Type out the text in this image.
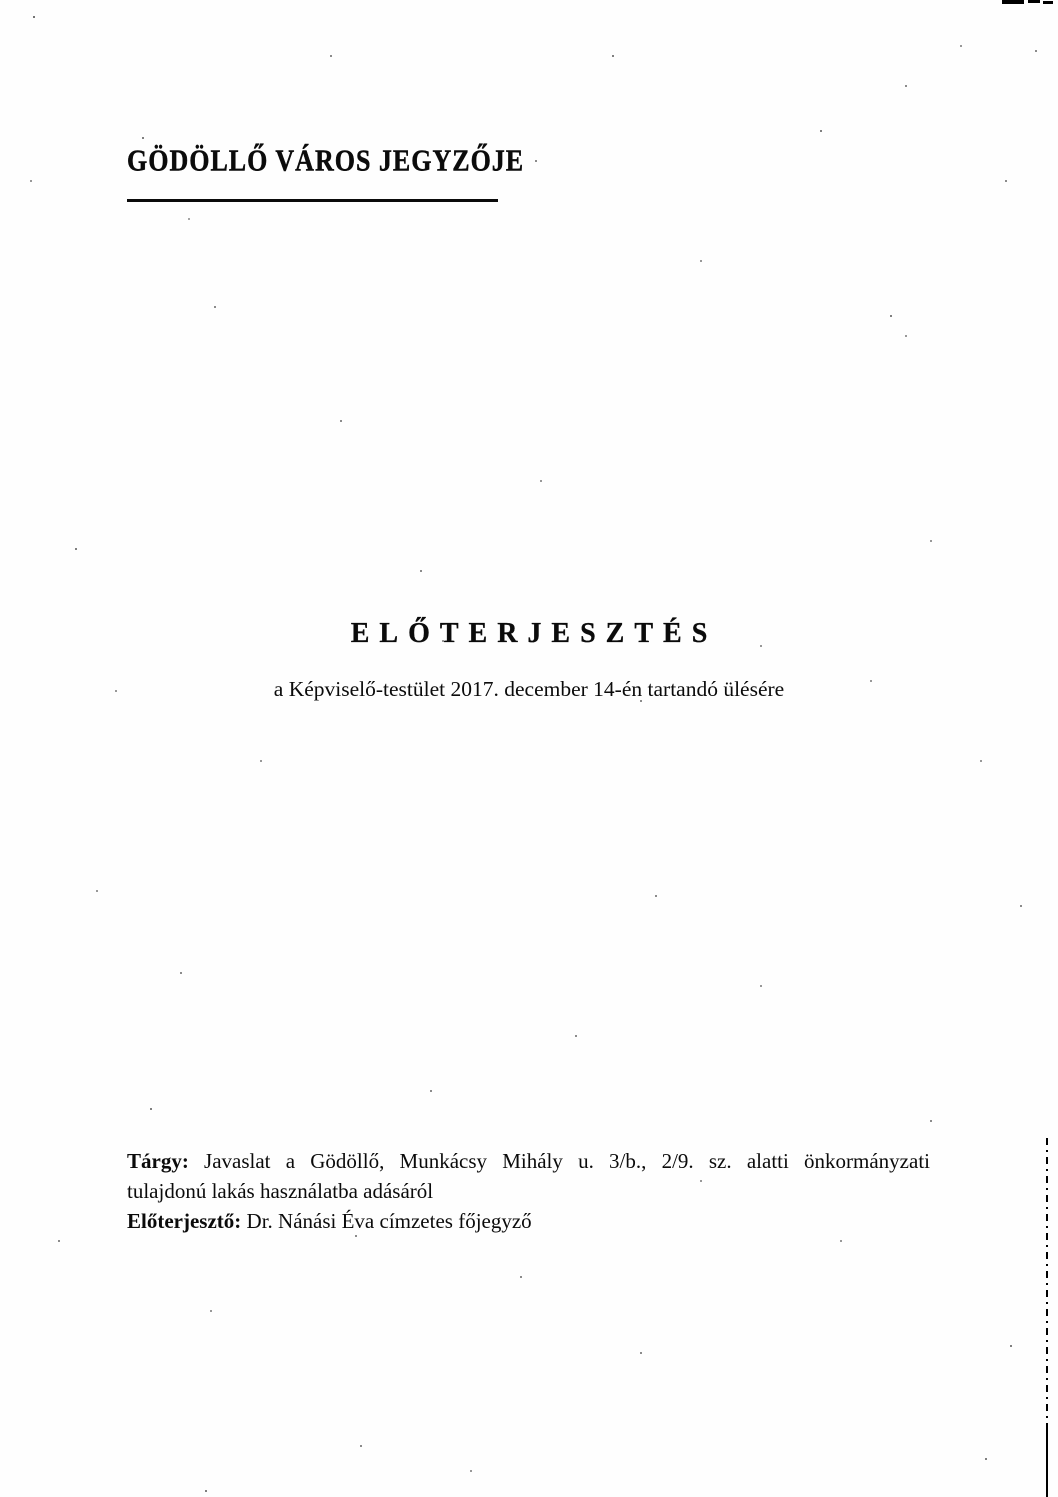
GÖDÖLLŐ VÁROS JEGYZŐJE
ELŐTERJESZTÉS
a Képviselő-testület 2017. december 14-én tartandó ülésére
Tárgy: Javaslat a Gödöllő, Munkácsy Mihály u. 3/b., 2/9. sz. alatti önkormányzati
tulajdonú lakás használatba adásáról
Előterjesztő: Dr. Nánási Éva címzetes főjegyző
